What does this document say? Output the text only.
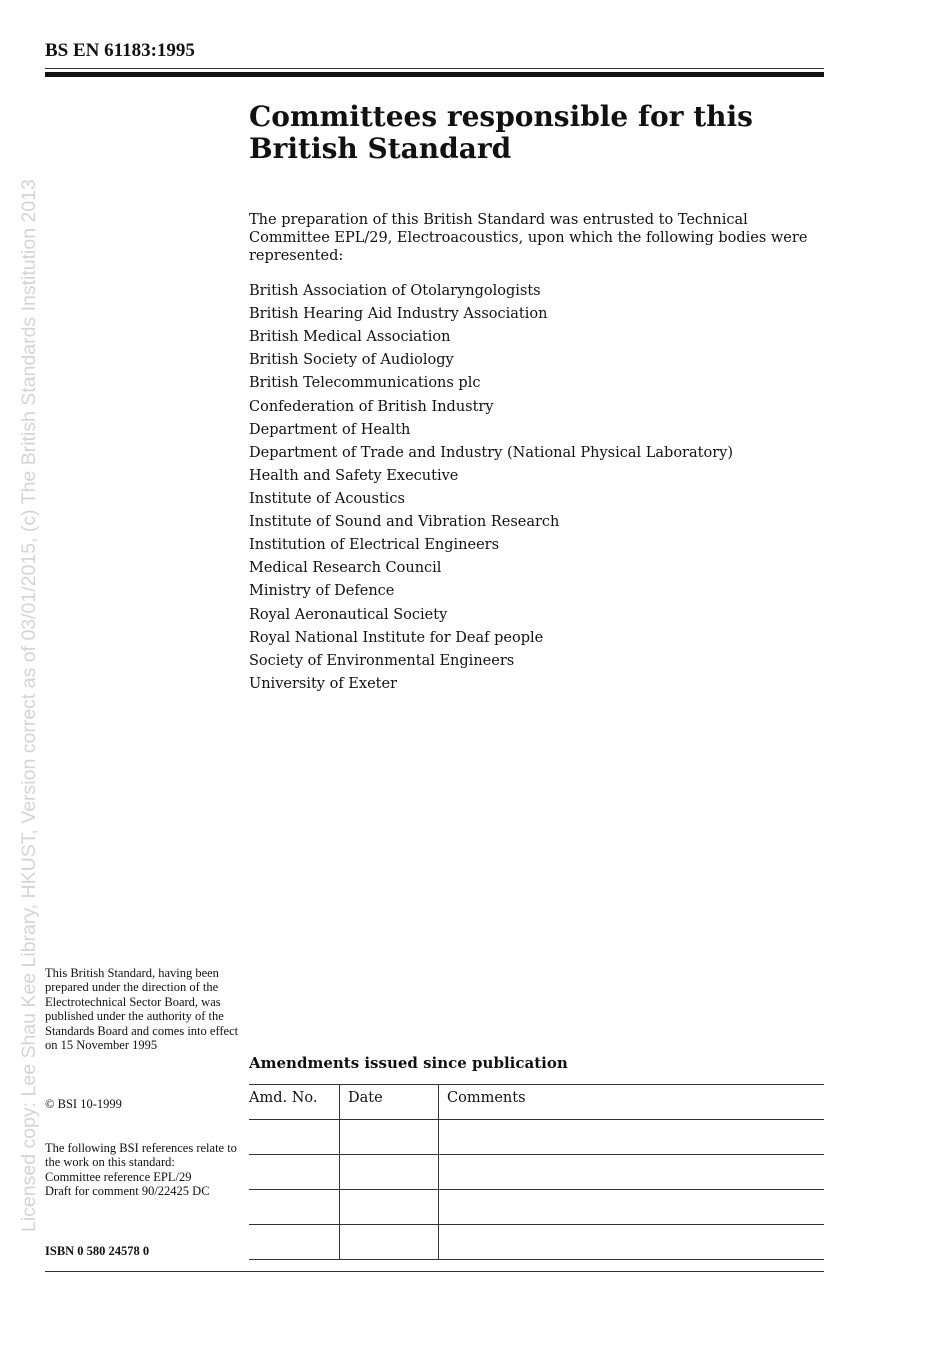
BS EN 61183:1995
Licensed copy: Lee Shau Kee Library, HKUST, Version correct as of 03/01/2015, (c) The British Standards Institution 2013
Committees responsible for this British Standard

The preparation of this British Standard was entrusted to Technical Committee EPL/29, Electroacoustics, upon which the following bodies were represented:

British Association of Otolaryngologists
British Hearing Aid Industry Association
British Medical Association
British Society of Audiology
British Telecommunications plc
Confederation of British Industry
Department of Health
Department of Trade and Industry (National Physical Laboratory)
Health and Safety Executive
Institute of Acoustics
Institute of Sound and Vibration Research
Institution of Electrical Engineers
Medical Research Council
Ministry of Defence
Royal Aeronautical Society
Royal National Institute for Deaf people
Society of Environmental Engineers
University of Exeter

This British Standard, having been prepared under the direction of the Electrotechnical Sector Board, was published under the authority of the Standards Board and comes into effect on 15 November 1995

© BSI 10-1999

The following BSI references relate to the work on this standard:
Committee reference EPL/29
Draft for comment 90/22425 DC

ISBN 0 580 24578 0

Amendments issued since publication
Amd. No.	Date	Comments
